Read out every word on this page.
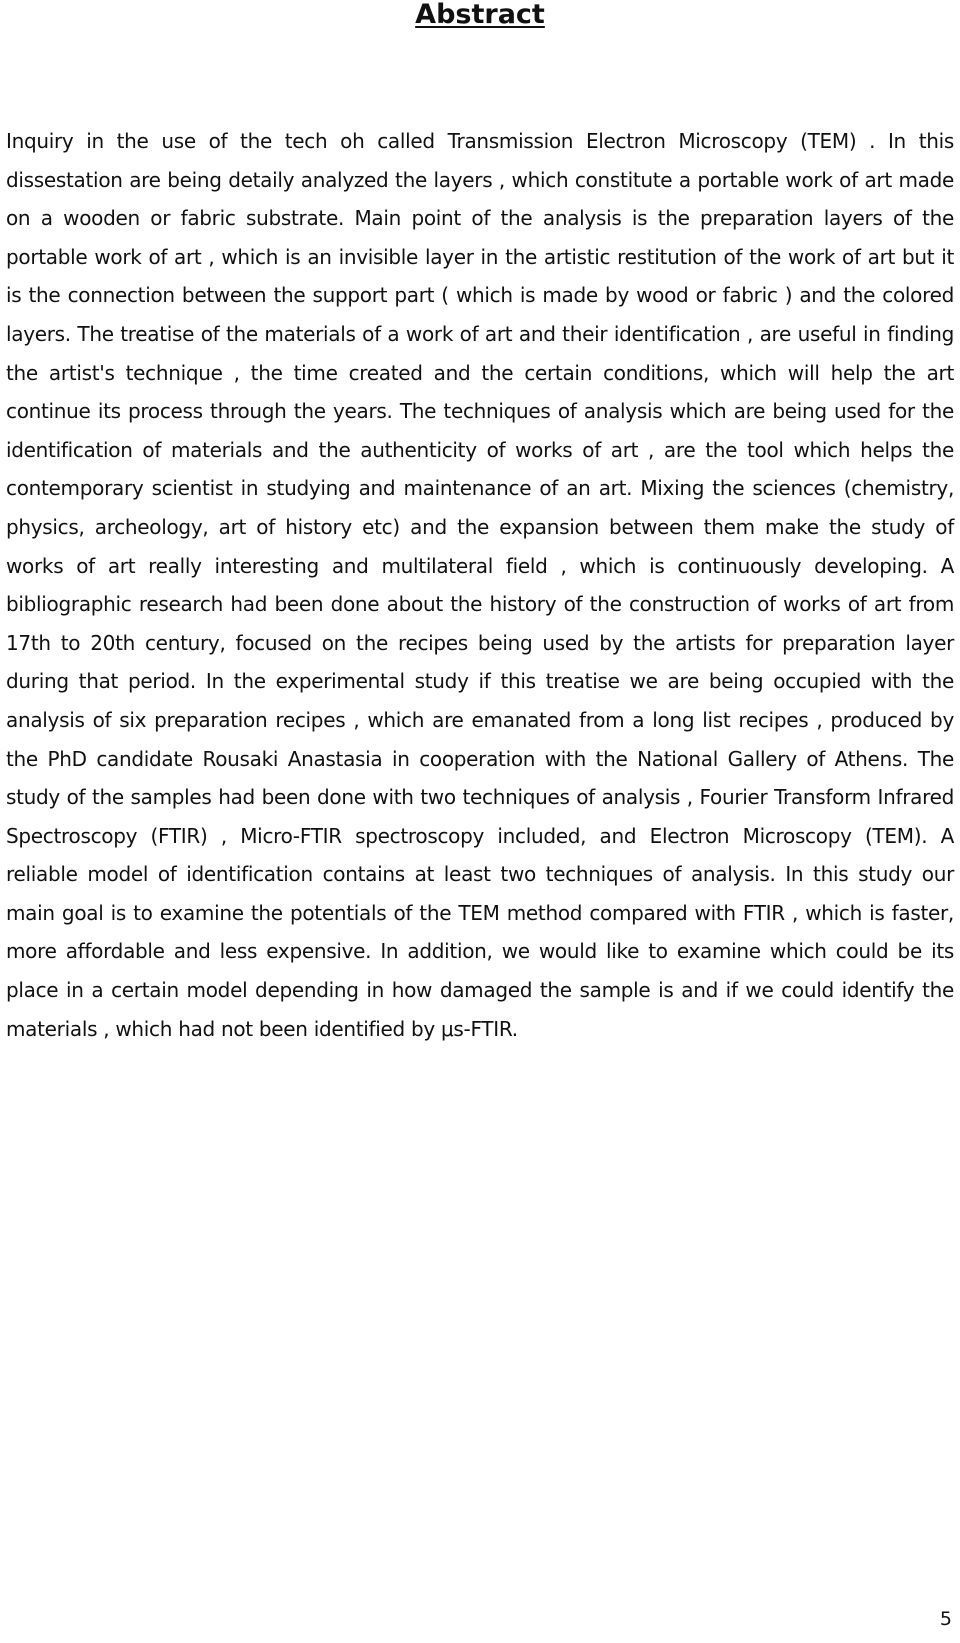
Abstract

Inquiry in the use of the tech oh called Transmission Electron Microscopy (TEM) . In this dissestation are being detaily analyzed the layers , which constitute a portable work of art made on a wooden or fabric substrate. Main point of the analysis is the preparation layers of the portable work of art , which is an invisible layer in the artistic restitution of the work of art but it is the connection between the support part ( which is made by wood or fabric ) and the colored layers. The treatise of the materials of a work of art and their identification , are useful in finding the artist's technique , the time created and the certain conditions, which will help the art continue its process through the years. The techniques of analysis which are being used for the identification of materials and the authenticity of works of art , are the tool which helps the contemporary scientist in studying and maintenance of an art. Mixing the sciences (chemistry, physics, archeology, art of history etc) and the expansion between them make the study of works of art really interesting and multilateral field , which is continuously developing. A bibliographic research had been done about the history of the construction of works of art from 17th to 20th century, focused on the recipes being used by the artists for preparation layer during that period. In the experimental study if this treatise we are being occupied with the analysis of six preparation recipes , which are emanated from a long list recipes , produced by the PhD candidate Rousaki Anastasia in cooperation with the National Gallery of Athens. The study of the samples had been done with two techniques of analysis , Fourier Transform Infrared Spectroscopy (FTIR) , Micro-FTIR spectroscopy included, and Electron Microscopy (TEM). A reliable model of identification contains at least two techniques of analysis. In this study our main goal is to examine the potentials of the TEM method compared with FTIR , which is faster, more affordable and less expensive. In addition, we would like to examine which could be its place in a certain model depending in how damaged the sample is and if we could identify the materials , which had not been identified by μs-FTIR.

5
